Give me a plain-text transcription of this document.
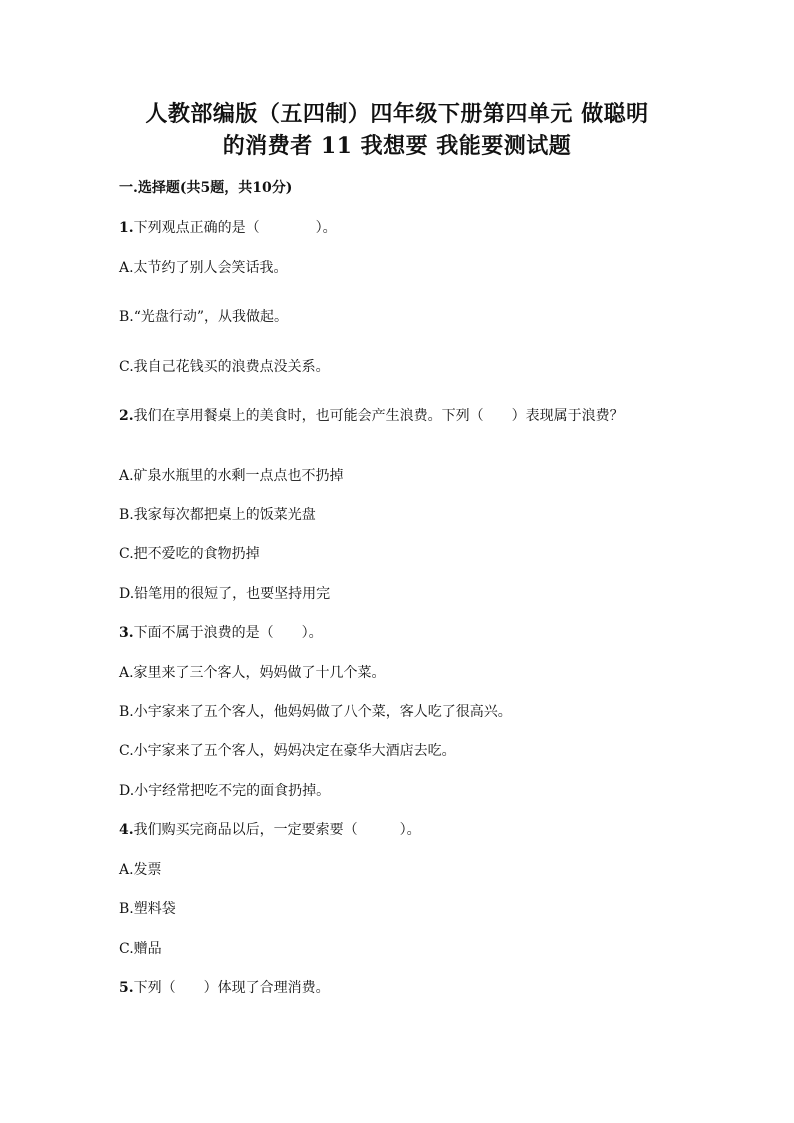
人教部编版（五四制）四年级下册第四单元 做聪明
的消费者 11 我想要 我能要测试题
一.选择题(共5题，共10分)
1.下列观点正确的是（　　　　）。
A.太节约了别人会笑话我。
B.“光盘行动”，从我做起。
C.我自己花钱买的浪费点没关系。
2.我们在享用餐桌上的美食时，也可能会产生浪费。下列（　　）表现属于浪费？
A.矿泉水瓶里的水剩一点点也不扔掉
B.我家每次都把桌上的饭菜光盘
C.把不爱吃的食物扔掉
D.铅笔用的很短了，也要坚持用完
3.下面不属于浪费的是（　　）。
A.家里来了三个客人，妈妈做了十几个菜。
B.小宇家来了五个客人，他妈妈做了八个菜，客人吃了很高兴。
C.小宇家来了五个客人，妈妈决定在豪华大酒店去吃。
D.小宇经常把吃不完的面食扔掉。
4.我们购买完商品以后，一定要索要（　　　）。
A.发票
B.塑料袋
C.赠品
5.下列（　　）体现了合理消费。
